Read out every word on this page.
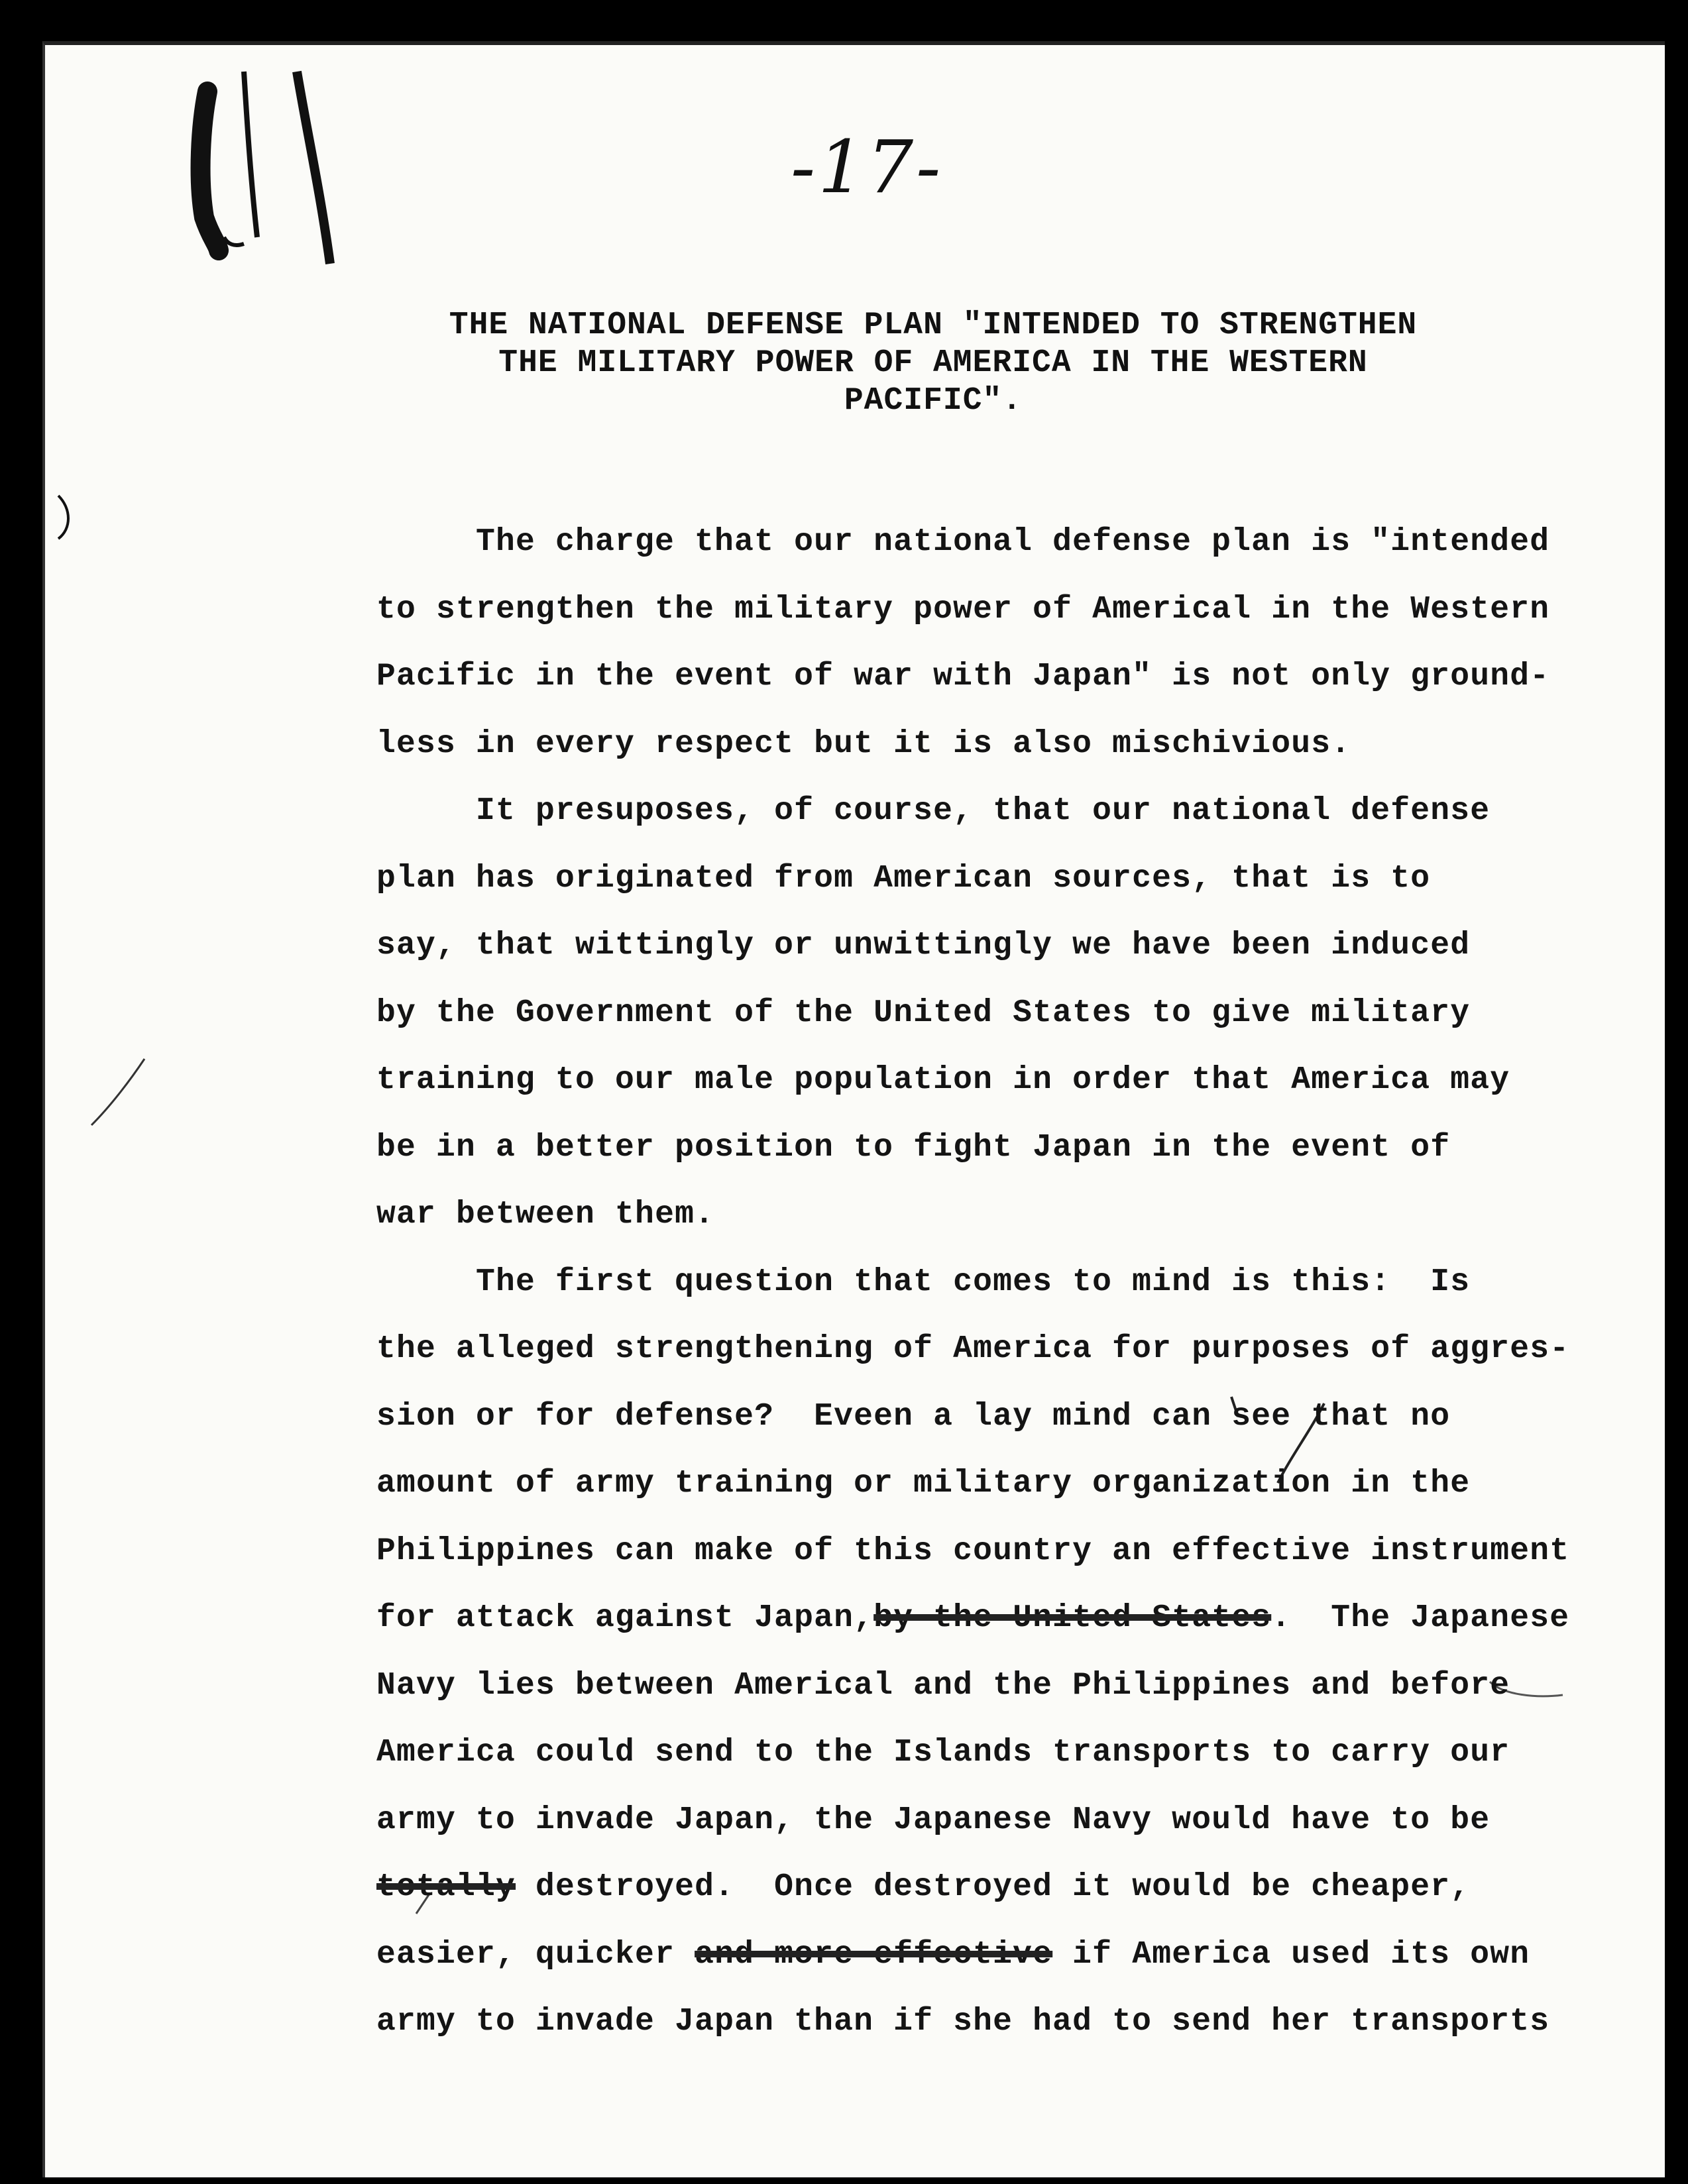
-17-
THE NATIONAL DEFENSE PLAN "INTENDED TO STRENGTHEN
THE MILITARY POWER OF AMERICA IN THE WESTERN
PACIFIC".
The charge that our national defense plan is "intended
to strengthen the military power of Americal in the Western
Pacific in the event of war with Japan" is not only ground-
less in every respect but it is also mischivious.
It presuposes, of course, that our national defense
plan has originated from American sources, that is to
say, that wittingly or unwittingly we have been induced
by the Government of the United States to give military
training to our male population in order that America may
be in a better position to fight Japan in the event of
war between them.
The first question that comes to mind is this:  Is
the alleged strengthening of America for purposes of aggres-
sion or for defense?  Eveen a lay mind can see that no
amount of army training or military organization in the
Philippines can make of this country an effective instrument
for attack against Japan,by the United States.  The Japanese
Navy lies between Americal and the Philippines and before
America could send to the Islands transports to carry our
army to invade Japan, the Japanese Navy would have to be
totally destroyed.  Once destroyed it would be cheaper,
easier, quicker and more effective if America used its own
army to invade Japan than if she had to send her transports
